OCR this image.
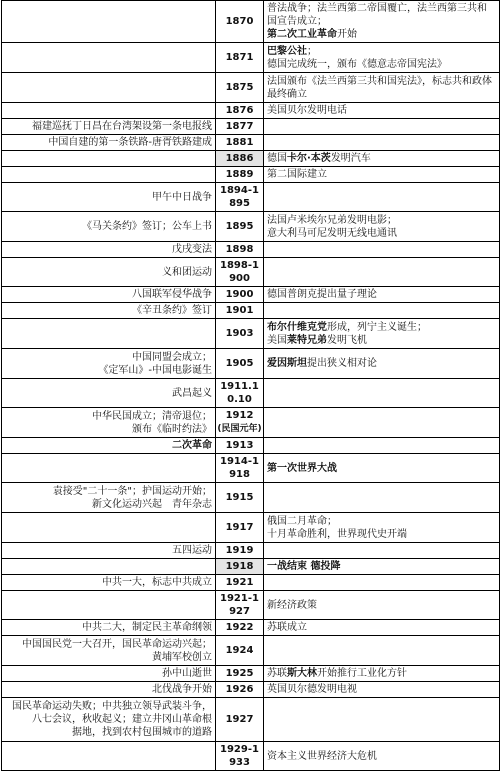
	1870	普法战争；法兰西第二帝国覆亡，法兰西第三共和国宣告成立；
第二次工业革命开始
	1871	巴黎公社；
德国完成统一，颁布《德意志帝国宪法》
	1875	法国颁布《法兰西第三共和国宪法》，标志共和政体最终确立
	1876	美国贝尔发明电话
福建巡抚丁日昌在台湾架设第一条电报线	1877	
中国自建的第一条铁路-唐胥铁路建成	1881	
	1886	德国卡尔·本茨发明汽车
	1889	第二国际建立
甲午中日战争	1894-1895	
《马关条约》签订；公车上书	1895	法国卢米埃尔兄弟发明电影；
意大利马可尼发明无线电通讯
戊戌变法	1898	
义和团运动	1898-1900	
八国联军侵华战争	1900	德国普朗克提出量子理论
《辛丑条约》签订	1901	
	1903	布尔什维克党形成，列宁主义诞生；
美国莱特兄弟发明飞机
中国同盟会成立；
《定军山》-中国电影诞生	1905	爱因斯坦提出狭义相对论
武昌起义	1911.10.10	
中华民国成立；清帝退位；
颁布《临时约法》	1912
(民国元年)	
二次革命	1913	
	1914-1918	第一次世界大战
袁接受"二十一条"；护国运动开始；
新文化运动兴起　青年杂志	1915	
	1917	俄国二月革命；
十月革命胜利，世界现代史开端
五四运动	1919	
	1918	一战结束 德投降
中共一大，标志中共成立	1921	
	1921-1927	新经济政策
中共二大，制定民主革命纲领	1922	苏联成立
中国国民党一大召开，国民革命运动兴起；
黄埔军校创立	1924	
孙中山逝世	1925	苏联斯大林开始推行工业化方针
北伐战争开始	1926	英国贝尔德发明电视
国民革命运动失败；中共独立领导武装斗争，
八七会议，秋收起义；建立井冈山革命根
据地，找到农村包围城市的道路	1927	
	1929-1933	资本主义世界经济大危机
